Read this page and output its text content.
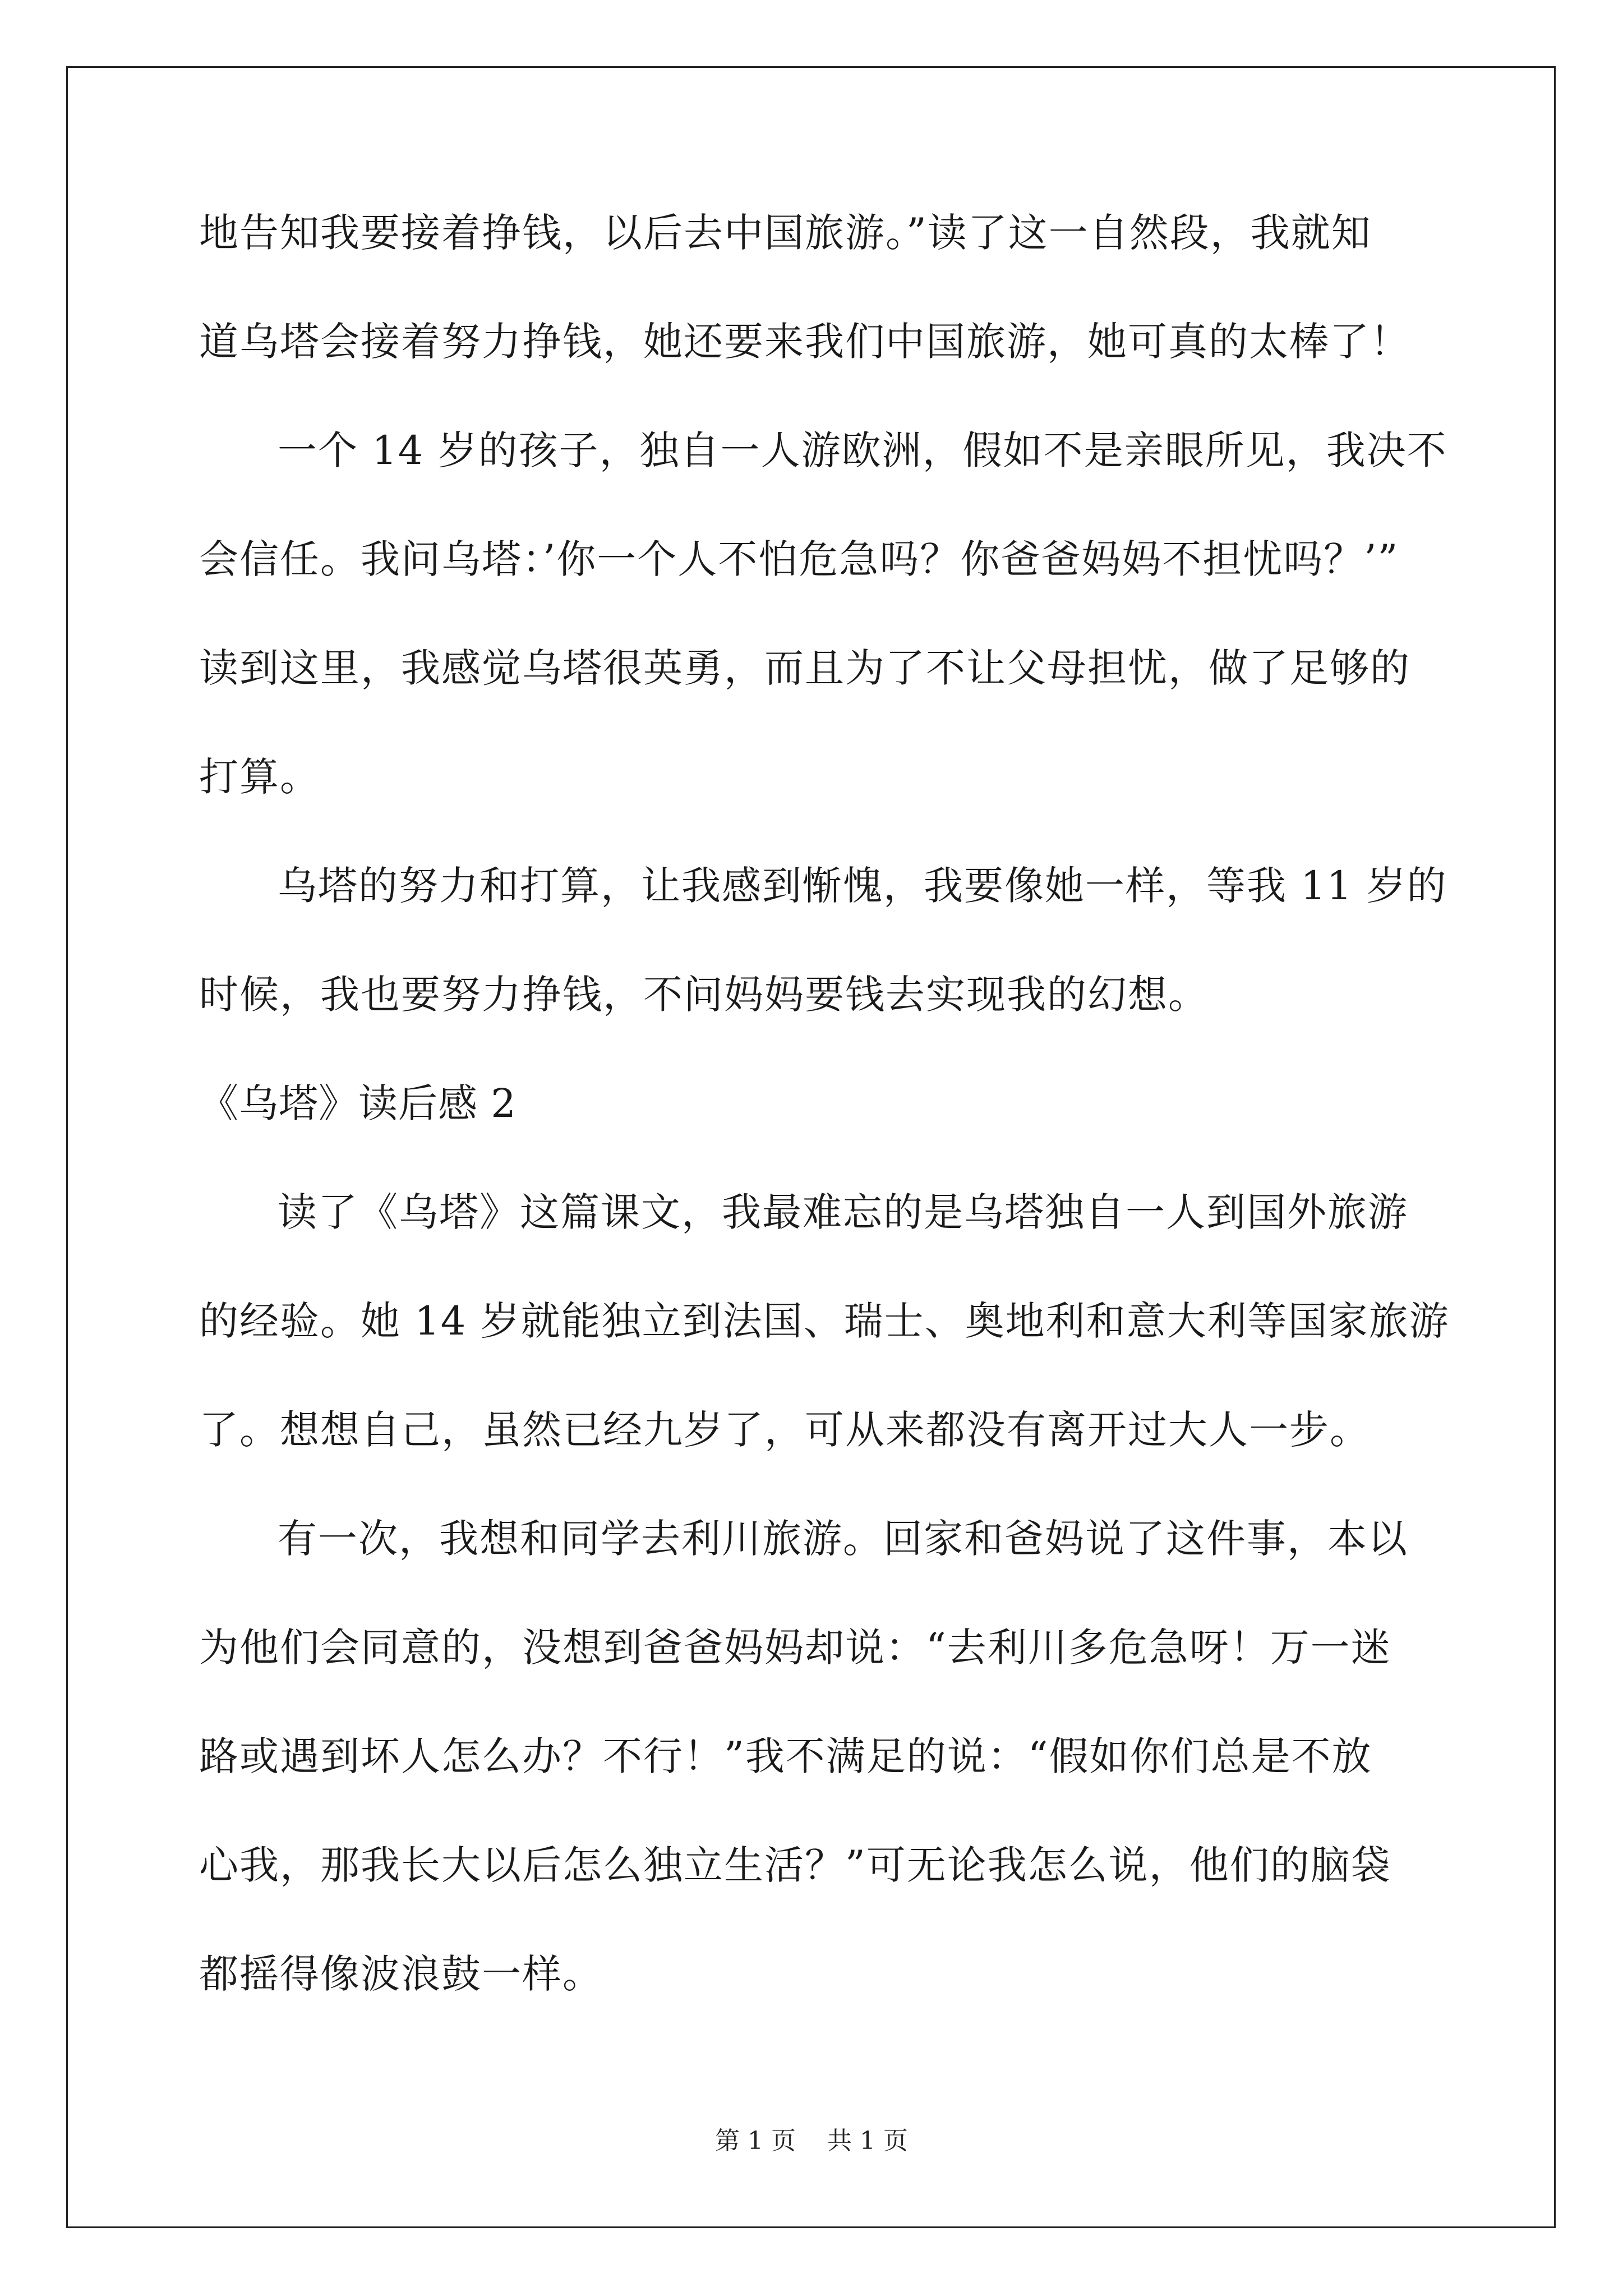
地告知我要接着挣钱，以后去中国旅游。”读了这一自然段，我就知
道乌塔会接着努力挣钱，她还要来我们中国旅游，她可真的太棒了！
一个 14 岁的孩子，独自一人游欧洲，假如不是亲眼所见，我决不
会信任。我问乌塔：’你一个人不怕危急吗？你爸爸妈妈不担忧吗？’”
读到这里，我感觉乌塔很英勇，而且为了不让父母担忧，做了足够的
打算。
乌塔的努力和打算，让我感到惭愧，我要像她一样，等我 11 岁的
时候，我也要努力挣钱，不问妈妈要钱去实现我的幻想。
《乌塔》读后感 2
读了《乌塔》这篇课文，我最难忘的是乌塔独自一人到国外旅游
的经验。她 14 岁就能独立到法国、瑞士、奥地利和意大利等国家旅游
了。想想自己，虽然已经九岁了，可从来都没有离开过大人一步。
有一次，我想和同学去利川旅游。回家和爸妈说了这件事，本以
为他们会同意的，没想到爸爸妈妈却说：“去利川多危急呀！万一迷
路或遇到坏人怎么办？不行！”我不满足的说：“假如你们总是不放
心我，那我长大以后怎么独立生活？”可无论我怎么说，他们的脑袋
都摇得像波浪鼓一样。
第 1 页    共 1 页
